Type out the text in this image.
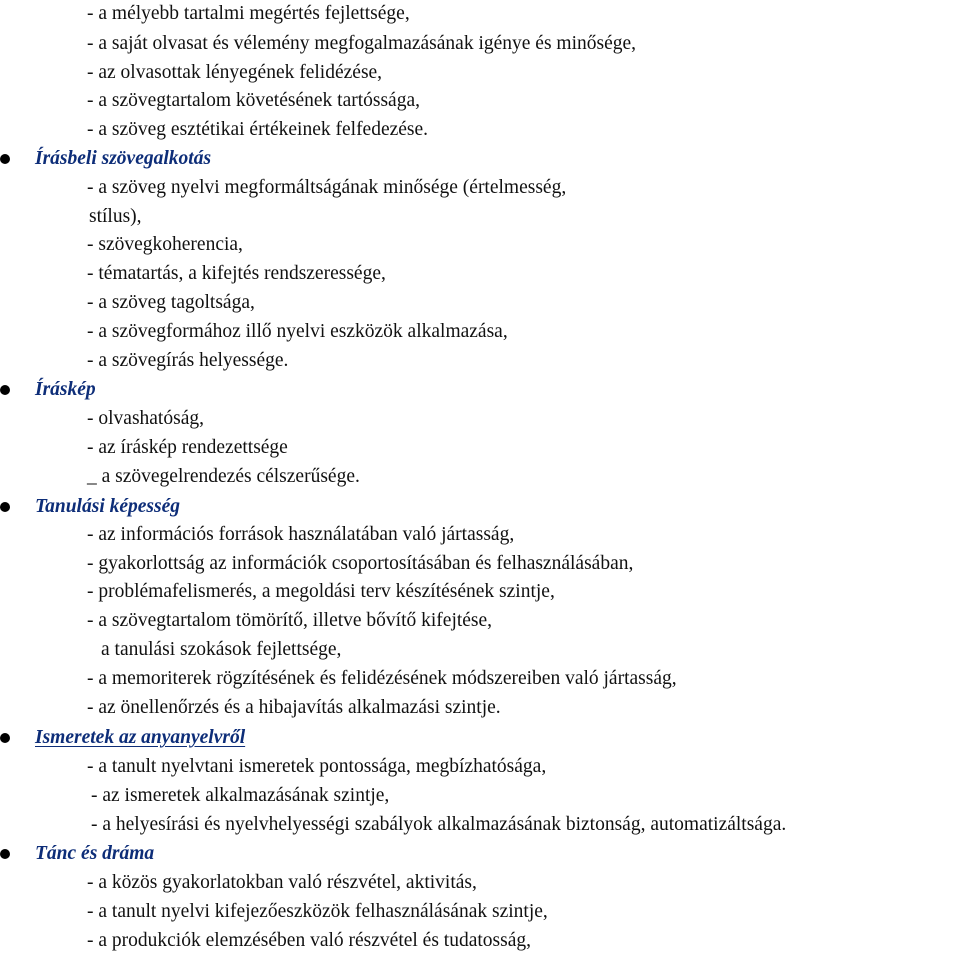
- a mélyebb tartalmi megértés fejlettsége,
- a saját olvasat és vélemény megfogalmazásának igénye és minősége,
- az olvasottak lényegének felidézése,
- a szövegtartalom követésének tartóssága,
- a szöveg esztétikai értékeinek felfedezése.
Írásbeli szövegalkotás
- a szöveg nyelvi megformáltságának minősége (értelmesség,
stílus),
- szövegkoherencia,
- tématartás, a kifejtés rendszeressége,
- a szöveg tagoltsága,
- a szövegformához illő nyelvi eszközök alkalmazása,
- a szövegírás helyessége.
Íráskép
- olvashatóság,
- az íráskép rendezettsége
_ a szövegelrendezés célszerűsége.
Tanulási képesség
- az információs források használatában való jártasság,
- gyakorlottság az információk csoportosításában és felhasználásában,
- problémafelismerés, a megoldási terv készítésének szintje,
- a szövegtartalom tömörítő, illetve bővítő kifejtése,
a tanulási szokások fejlettsége,
- a memoriterek rögzítésének és felidézésének módszereiben való jártasság,
- az önellenőrzés és a hibajavítás alkalmazási szintje.
Ismeretek az anyanyelvről
- a tanult nyelvtani ismeretek pontossága, megbízhatósága,
- az ismeretek alkalmazásának szintje,
- a helyesírási és nyelvhelyességi szabályok alkalmazásának biztonság, automatizáltsága.
Tánc és dráma
- a közös gyakorlatokban való részvétel, aktivitás,
- a tanult nyelvi kifejezőeszközök felhasználásának szintje,
- a produkciók elemzésében való részvétel és tudatosság,
